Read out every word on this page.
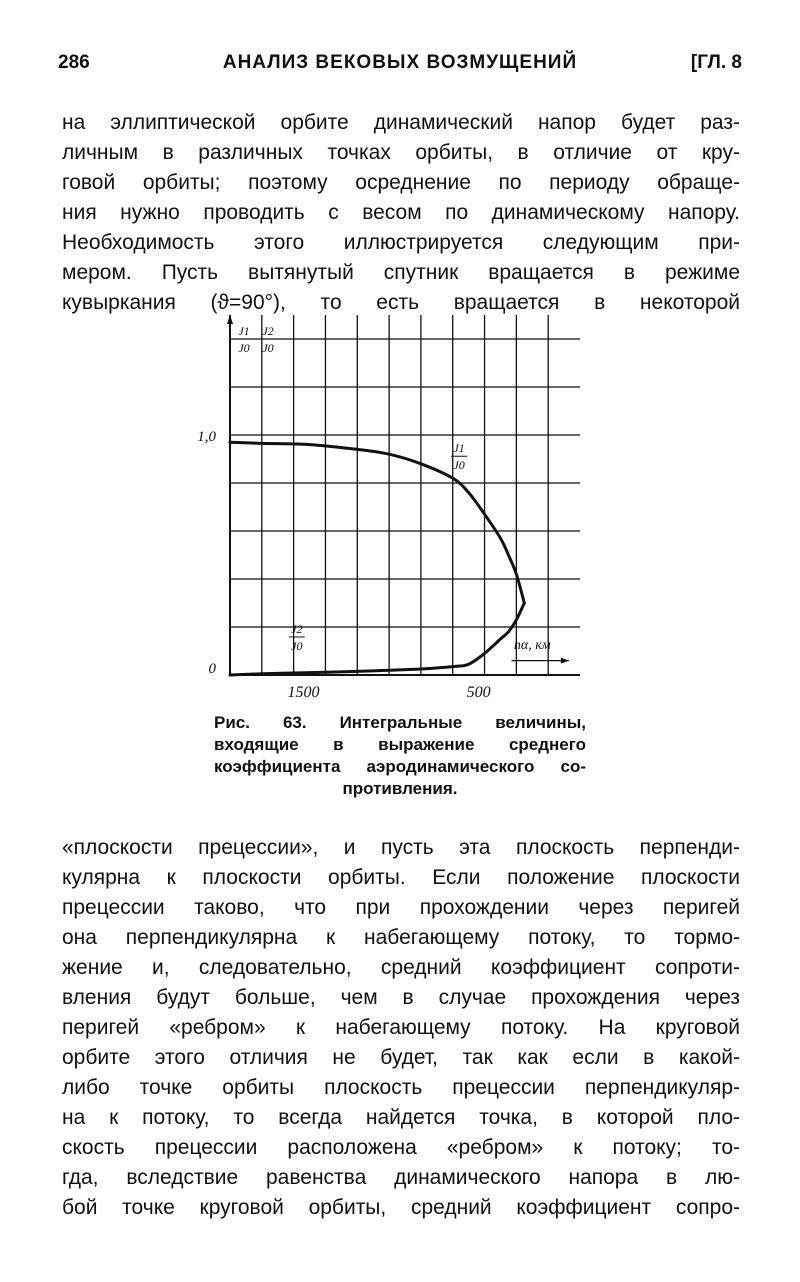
286	АНАЛИЗ ВЕКОВЫХ ВОЗМУЩЕНИЙ	[ГЛ. 8
на эллиптической орбите динамический напор будет раз-
личным в различных точках орбиты, в отличие от кру-
говой орбиты; поэтому осреднение по периоду обраще-
ния нужно проводить с весом по динамическому напору.
Необходимость этого иллюстрируется следующим при-
мером. Пусть вытянутый спутник вращается в режиме
кувыркания (ϑ=90°), то есть вращается в некоторой
1,0
0
1500	500
J1
J0
J2
J0
J1
J0
J2
J0
hα, км
Рис. 63. Интегральные величины,
входящие в выражение среднего
коэффициента аэродинамического со-
противления.
«плоскости прецессии», и пусть эта плоскость перпенди-
кулярна к плоскости орбиты. Если положение плоскости
прецессии таково, что при прохождении через перигей
она перпендикулярна к набегающему потоку, то тормо-
жение и, следовательно, средний коэффициент сопроти-
вления будут больше, чем в случае прохождения через
перигей «ребром» к набегающему потоку. На круговой
орбите этого отличия не будет, так как если в какой-
либо точке орбиты плоскость прецессии перпендикуляр-
на к потоку, то всегда найдется точка, в которой пло-
скость прецессии расположена «ребром» к потоку; то-
гда, вследствие равенства динамического напора в лю-
бой точке круговой орбиты, средний коэффициент сопро-
